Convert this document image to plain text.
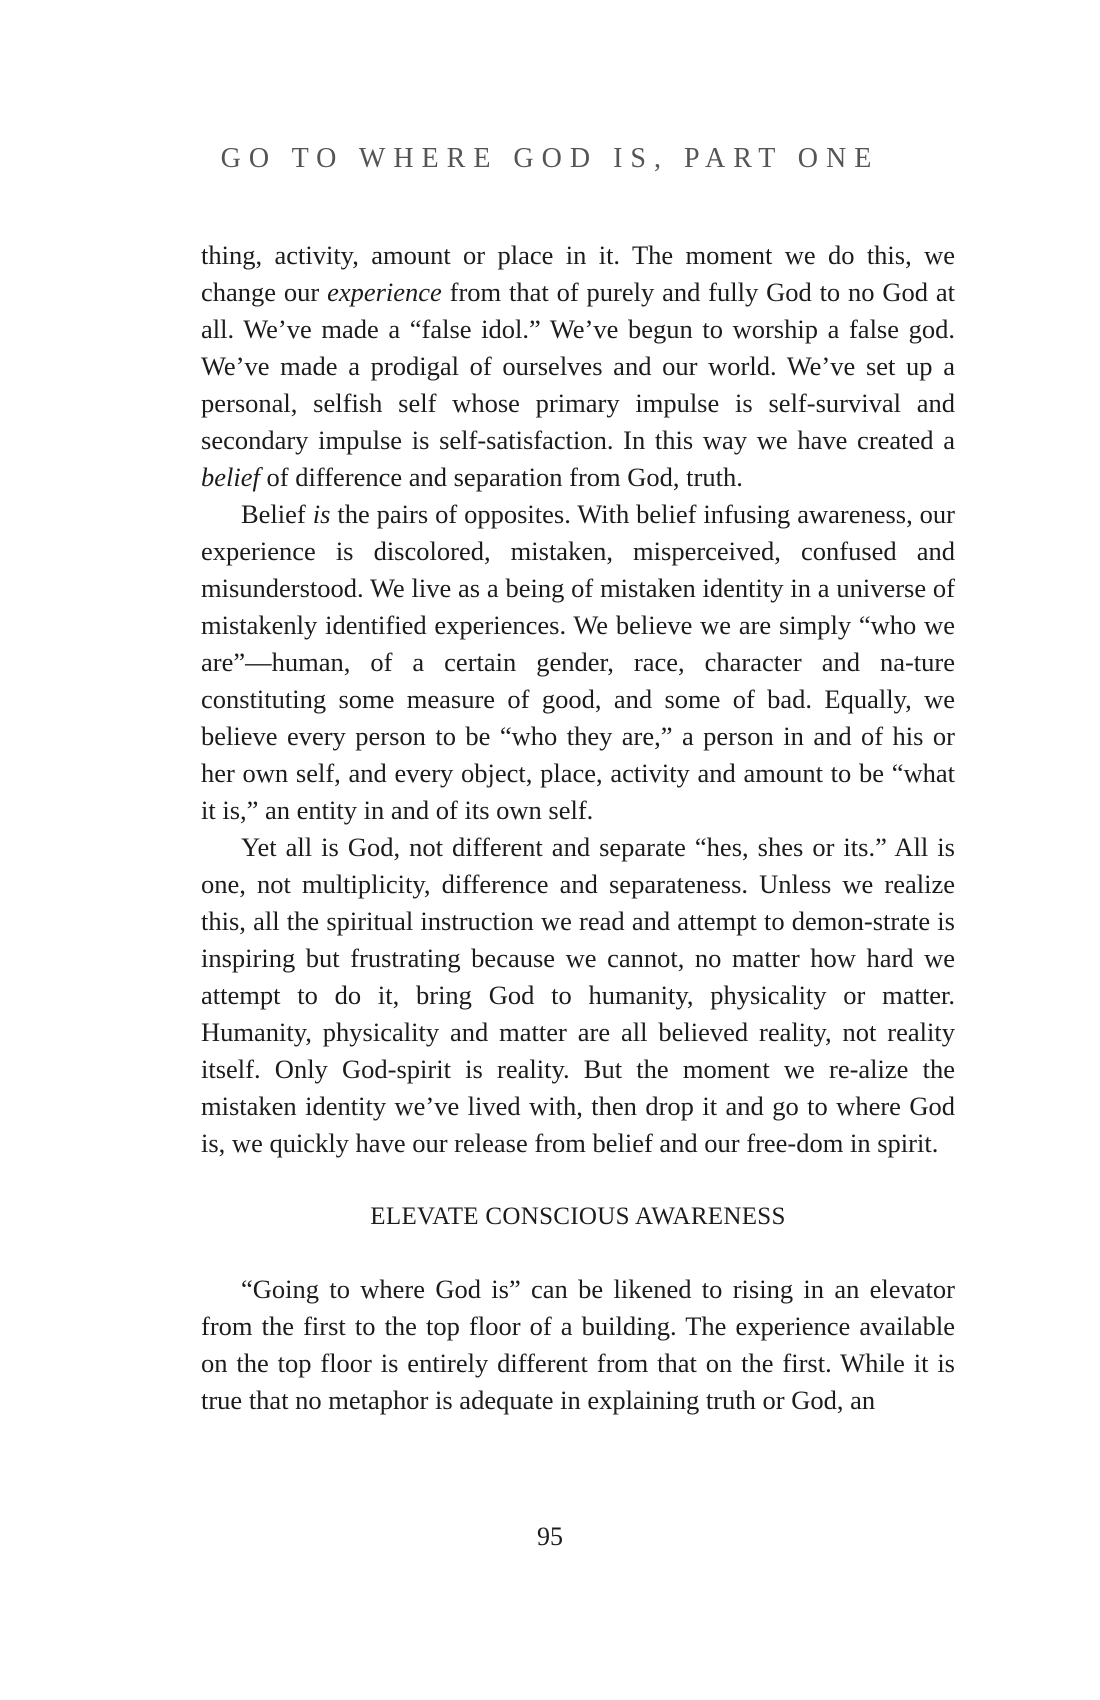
GO TO WHERE GOD IS, PART ONE

thing, activity, amount or place in it. The moment we do this, we change our experience from that of purely and fully God to no God at all. We’ve made a “false idol.” We’ve begun to worship a false god. We’ve made a prodigal of ourselves and our world. We’ve set up a personal, selfish self whose primary impulse is self-survival and secondary impulse is self-satisfaction. In this way we have created a belief of difference and separation from God, truth.

Belief is the pairs of opposites. With belief infusing awareness, our experience is discolored, mistaken, misperceived, confused and misunderstood. We live as a being of mistaken identity in a universe of mistakenly identified experiences. We believe we are simply “who we are”—human, of a certain gender, race, character and na-ture constituting some measure of good, and some of bad. Equally, we believe every person to be “who they are,” a person in and of his or her own self, and every object, place, activity and amount to be “what it is,” an entity in and of its own self.

Yet all is God, not different and separate “hes, shes or its.” All is one, not multiplicity, difference and separateness. Unless we realize this, all the spiritual instruction we read and attempt to demon-strate is inspiring but frustrating because we cannot, no matter how hard we attempt to do it, bring God to humanity, physicality or matter. Humanity, physicality and matter are all believed reality, not reality itself. Only God-spirit is reality. But the moment we re-alize the mistaken identity we’ve lived with, then drop it and go to where God is, we quickly have our release from belief and our free-dom in spirit.

ELEVATE CONSCIOUS AWARENESS

“Going to where God is” can be likened to rising in an elevator from the first to the top floor of a building. The experience available on the top floor is entirely different from that on the first. While it is true that no metaphor is adequate in explaining truth or God, an

95
